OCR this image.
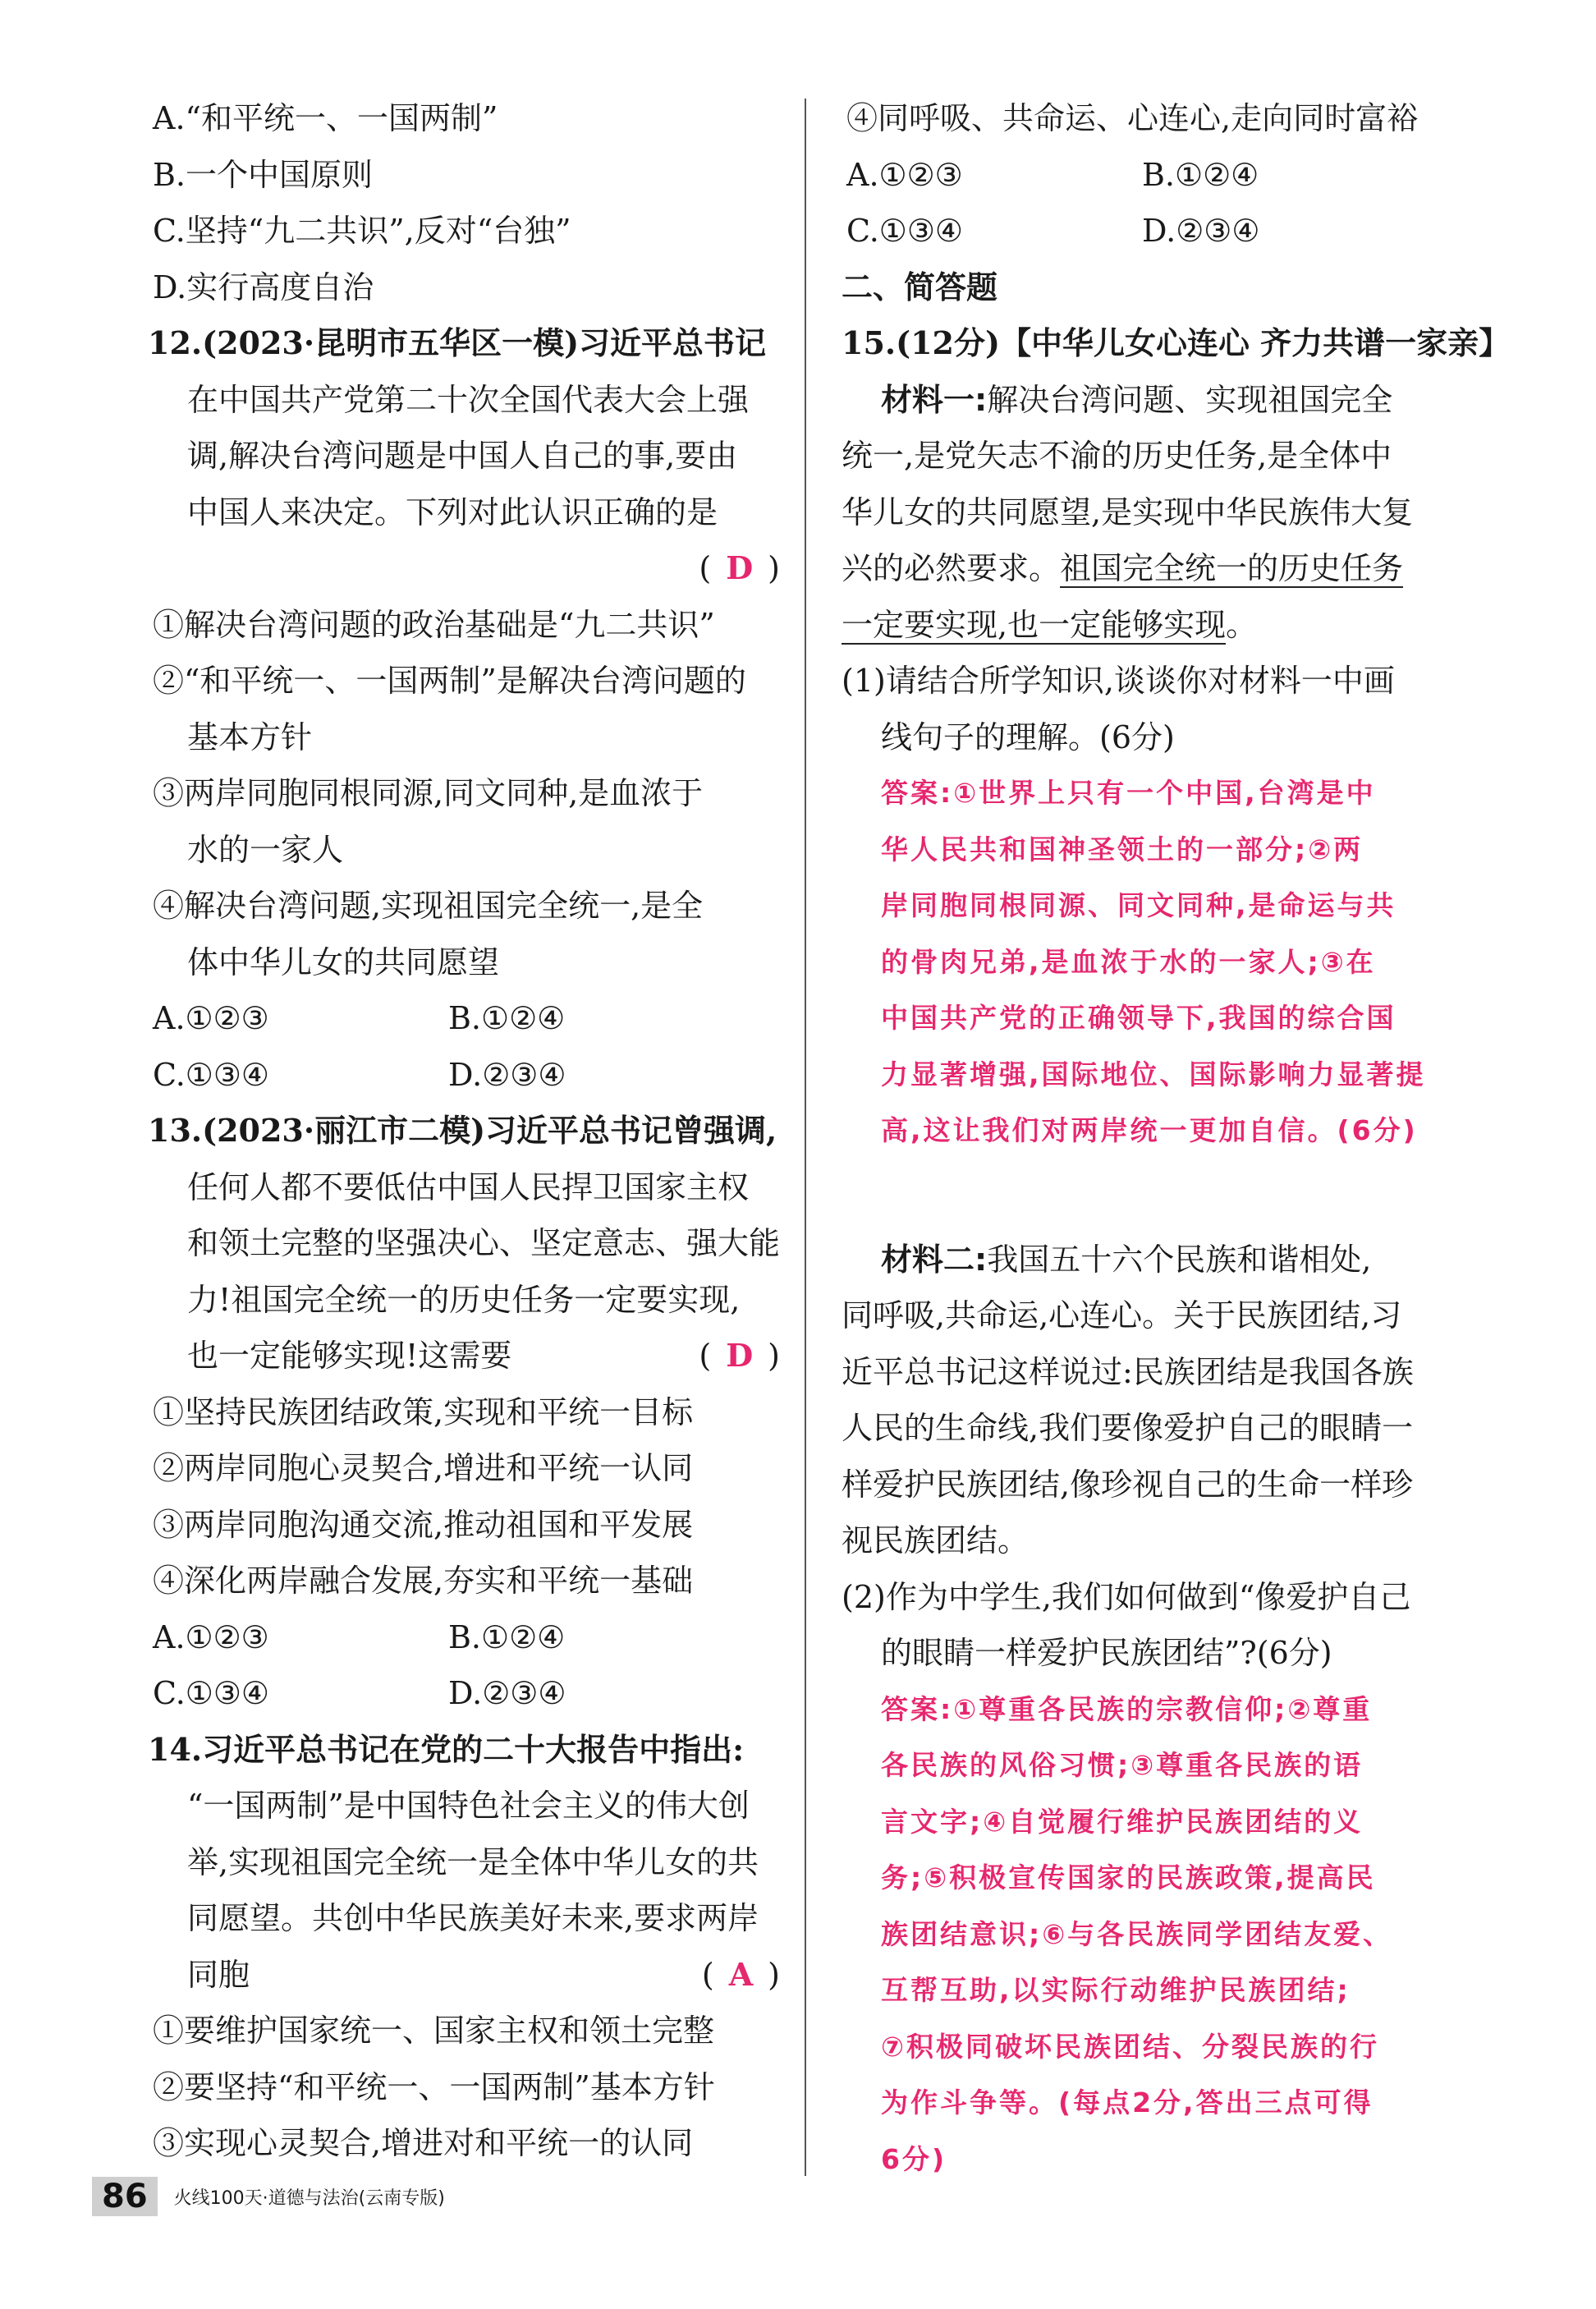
A.“和平统一、一国两制”
B.一个中国原则
C.坚持“九二共识”,反对“台独”
D.实行高度自治
12.(2023·昆明市五华区一模)习近平总书记
在中国共产党第二十次全国代表大会上强
调,解决台湾问题是中国人自己的事,要由
中国人来决定。下列对此认识正确的是
( D )
①解决台湾问题的政治基础是“九二共识”
②“和平统一、一国两制”是解决台湾问题的
基本方针
③两岸同胞同根同源,同文同种,是血浓于
水的一家人
④解决台湾问题,实现祖国完全统一,是全
体中华儿女的共同愿望
A.①②③	B.①②④
C.①③④	D.②③④
13.(2023·丽江市二模)习近平总书记曾强调,
任何人都不要低估中国人民捍卫国家主权
和领土完整的坚强决心、坚定意志、强大能
力!祖国完全统一的历史任务一定要实现,
也一定能够实现!这需要	( D )
①坚持民族团结政策,实现和平统一目标
②两岸同胞心灵契合,增进和平统一认同
③两岸同胞沟通交流,推动祖国和平发展
④深化两岸融合发展,夯实和平统一基础
A.①②③	B.①②④
C.①③④	D.②③④
14.习近平总书记在党的二十大报告中指出:
“一国两制”是中国特色社会主义的伟大创
举,实现祖国完全统一是全体中华儿女的共
同愿望。共创中华民族美好未来,要求两岸
同胞	( A )
①要维护国家统一、国家主权和领土完整
②要坚持“和平统一、一国两制”基本方针
③实现心灵契合,增进对和平统一的认同
④同呼吸、共命运、心连心,走向同时富裕
A.①②③	B.①②④
C.①③④	D.②③④
二、简答题
15.(12分)【中华儿女心连心 齐力共谱一家亲】
材料一:解决台湾问题、实现祖国完全
统一,是党矢志不渝的历史任务,是全体中
华儿女的共同愿望,是实现中华民族伟大复
兴的必然要求。祖国完全统一的历史任务
一定要实现,也一定能够实现。
(1)请结合所学知识,谈谈你对材料一中画
线句子的理解。(6分)
答案:①世界上只有一个中国,台湾是中
华人民共和国神圣领土的一部分;②两
岸同胞同根同源、同文同种,是命运与共
的骨肉兄弟,是血浓于水的一家人;③在
中国共产党的正确领导下,我国的综合国
力显著增强,国际地位、国际影响力显著提
高,这让我们对两岸统一更加自信。(6分)
材料二:我国五十六个民族和谐相处,
同呼吸,共命运,心连心。关于民族团结,习
近平总书记这样说过:民族团结是我国各族
人民的生命线,我们要像爱护自己的眼睛一
样爱护民族团结,像珍视自己的生命一样珍
视民族团结。
(2)作为中学生,我们如何做到“像爱护自己
的眼睛一样爱护民族团结”?(6分)
答案:①尊重各民族的宗教信仰;②尊重
各民族的风俗习惯;③尊重各民族的语
言文字;④自觉履行维护民族团结的义
务;⑤积极宣传国家的民族政策,提高民
族团结意识;⑥与各民族同学团结友爱、
互帮互助,以实际行动维护民族团结;
⑦积极同破坏民族团结、分裂民族的行
为作斗争等。(每点2分,答出三点可得
6分)
86	火线100天·道德与法治(云南专版)
